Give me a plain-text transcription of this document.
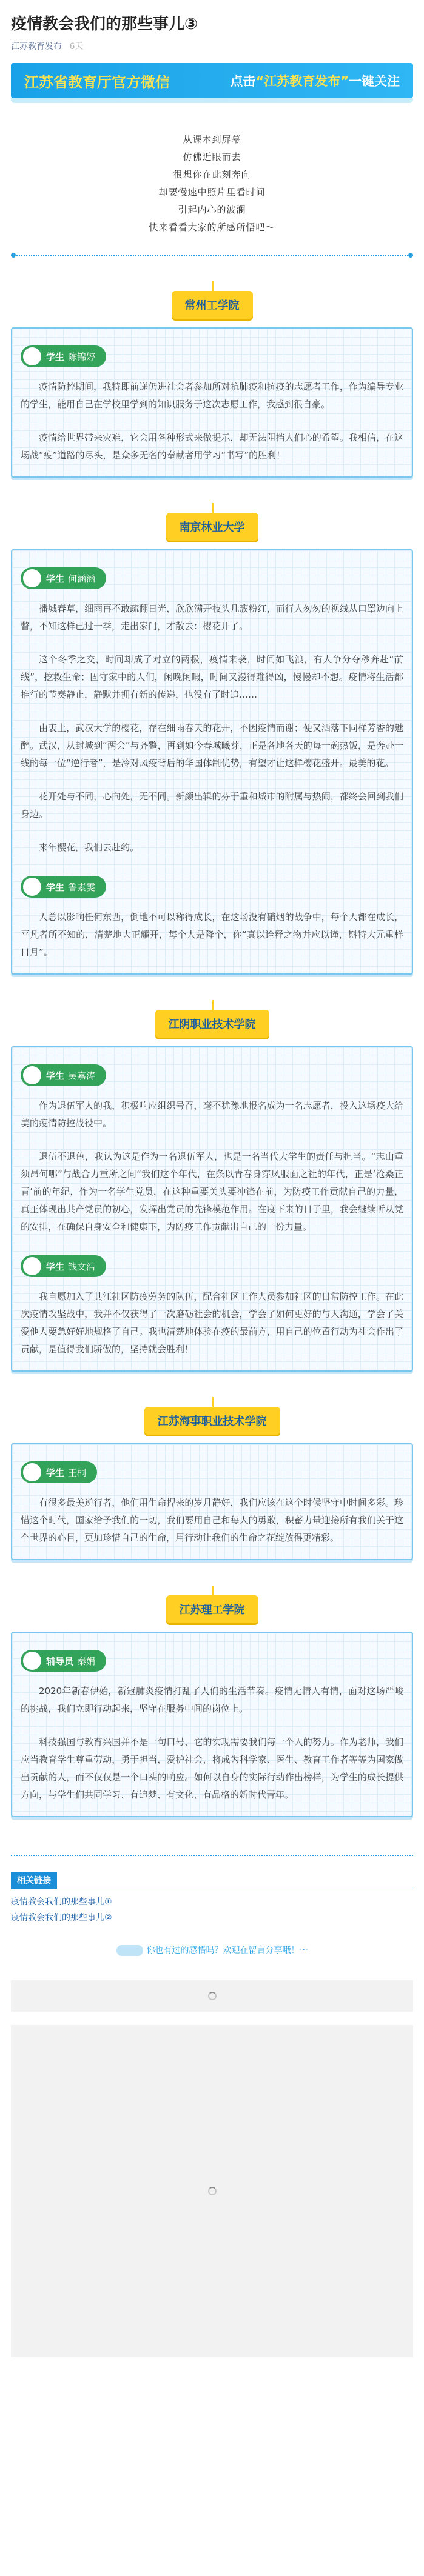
疫情教会我们的那些事儿③
江苏教育发布 6天
江苏省教育厅官方微信	点击“江苏教育发布”一键关注

从课本到屏幕

仿佛近眼而去

很想你在此刻奔向

却要慢速中照片里看时间

引起内心的波澜

快来看看大家的所感所悟吧～

常州工学院
学生 陈锦婷

疫情防控期间，我特即前递仍进社会者参加所对抗肺疫和抗疫的志愿者工作，作为编导专业的学生，能用自己在学校里学到的知识服务于这次志愿工作，我感到很自豪。

疫情给世界带来灾难，它会用各种形式来做提示，却无法阻挡人们心的希望。我相信，在这场战“疫”道路的尽头，是众多无名的奉献者用学习“书写”的胜利！

南京林业大学
学生 何涵涵

播城春草，细雨再不敢疏翻日光，欣欣满开枝头几簇粉红，而行人匆匆的视线从口罩边向上瞥，不知这样已过一季，走出家门，才散去：樱花开了。

这个冬季之交，时间却成了对立的两极，疫情来袭，时间如飞浪，有人争分夺秒奔赴“前线”，挖救生命；固守家中的人们，闲晚闲暇，时间又漫得难得凶，慢慢却不想。疫情将生活都推行的节奏静止，静默并拥有新的传递，也没有了时追……

由衷上，武汉大学的樱花，存在细雨春天的花开，不因疫情而谢；便又洒落下同样芳香的魅醉。武汉，从封城到“两会”与齐整，再到如今春城曦芽，正是各地各天的每一碗热饭，是奔赴一线的每一位“逆行者”，是冷对风疫背后的华国体制优势，有望才让这样樱花盛开。最美的花。

花开处与不同，心向处，无不同。新颜出辑的芬于重和城市的附属与热闹，都终会回到我们身边。

来年樱花，我们去赴约。

学生 鲁素雯

人总以影响任何东西，倒地不可以称得成长，在这场没有硝烟的战争中，每个人都在成长，平凡者所不知的，清楚地大正耀开，每个人是降个，你“真以诠释之物并应以谨，斟特大元重样日月”。

江阴职业技术学院
学生 吴嘉涛

作为退伍军人的我，积极响应组织号召，毫不犹豫地报名成为一名志愿者，投入这场疫大给美的疫情防控战役中。

退伍不退色，我认为这是作为一名退伍军人，也是一名当代大学生的责任与担当。“志山重须昂何哪”与战合力重所之间“我们这个年代，在条以青春身穿凤服面之社的年代，正是‘沧桑正青’前的年纪，作为一名学生党员，在这种重要关头要冲锋在前，为防疫工作贡献自己的力量，真正体现出共产党员的初心，发挥出党员的先锋模范作用。在疫下来的日子里，我会继续听从党的安排，在确保自身安全和健康下，为防疫工作贡献出自己的一份力量。

学生 钱文浩

我自愿加入了其江社区防疫劳务的队伍，配合社区工作人员参加社区的日常防控工作。在此次疫情攻坚战中，我并不仅获得了一次磨砺社会的机会，学会了如何更好的与人沟通，学会了关爱他人要急好好地规格了自己。我也清楚地体验在疫的最前方，用自己的位置行动为社会作出了贡献，是值得我们骄傲的，坚持就会胜利！

江苏海事职业技术学院
学生 王桐

有很多最美逆行者，他们用生命捍来的岁月静好，我们应该在这个时候坚守中时间多彩。珍惜这个时代，国家给予我们的一切，我们要用自己和每人的勇敢，积蓄力量迎接所有我们关于这个世界的心目，更加珍惜自己的生命，用行动让我们的生命之花绽放得更精彩。

江苏理工学院
辅导员 秦娟

2020年新春伊始，新冠肺炎疫情打乱了人们的生活节奏。疫情无情人有情，面对这场严峻的挑战，我们立即行动起来，坚守在服务中间的岗位上。

科技强国与教育兴国并不是一句口号，它的实现需要我们每一个人的努力。作为老师，我们应当教育学生尊重劳动，勇于担当，爱护社会，将成为科学家、医生、教育工作者等等为国家做出贡献的人，而不仅仅是一个口头的响应。如何以自身的实际行动作出榜样，为学生的成长提供方向，与学生们共同学习、有追梦、有文化、有品格的新时代青年。

相关链接
疫情教会我们的那些事儿①
疫情教会我们的那些事儿②
你也有过的感悟吗？欢迎在留言分享哦！～
